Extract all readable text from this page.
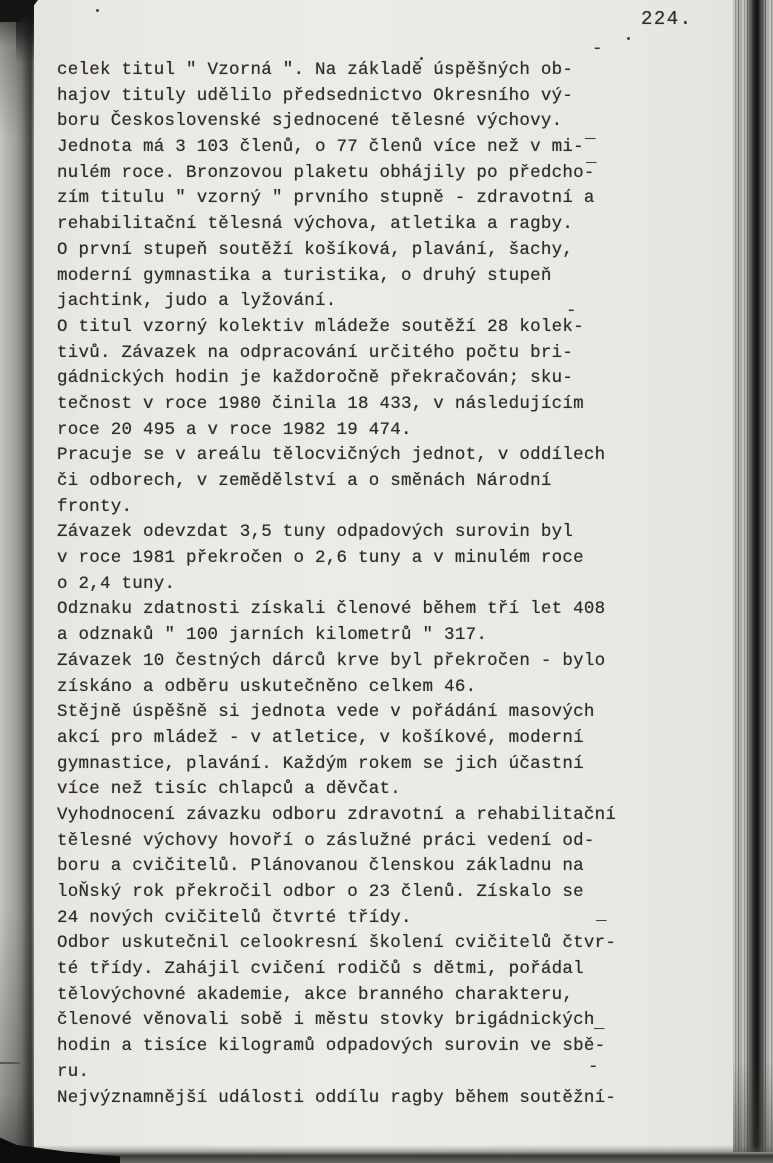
224.
celek titul " Vzorná ". Na základě úspěšných ob-
hajov tituly udělilo předsednictvo Okresního vý-
boru Československé sjednocené tělesné výchovy.
Jednota má 3 103 členů, o 77 členů více než v mi-
nulém roce. Bronzovou plaketu obhájily po předcho-
zím titulu " vzorný " prvního stupně - zdravotní a
rehabilitační tělesná výchova, atletika a ragby.
O první stupeň soutěží košíková, plavání, šachy,
moderní gymnastika a turistika, o druhý stupeň
jachtink, judo a lyžování.
O titul vzorný kolektiv mládeže soutěží 28 kolek-
tivů. Závazek na odpracování určitého počtu bri-
gádnických hodin je každoročně překračován; sku-
tečnost v roce 1980 činila 18 433, v následujícím
roce 20 495 a v roce 1982 19 474.
Pracuje se v areálu tělocvičných jednot, v oddílech
či odborech, v zemědělství a o směnách Národní
fronty.
Závazek odevzdat 3,5 tuny odpadových surovin byl
v roce 1981 překročen o 2,6 tuny a v minulém roce
o 2,4 tuny.
Odznaku zdatnosti získali členové během tří let 408
a odznaků " 100 jarních kilometrů " 317.
Závazek 10 čestných dárců krve byl překročen - bylo
získáno a odběru uskutečněno celkem 46.
Stějně úspěšně si jednota vede v pořádání masových
akcí pro mládež - v atletice, v košíkové, moderní
gymnastice, plavání. Každým rokem se jich účastní
více než tisíc chlapců a děvčat.
Vyhodnocení závazku odboru zdravotní a rehabilitační
tělesné výchovy hovoří o záslužné práci vedení od-
boru a cvičitelů. Plánovanou členskou základnu na
loŇský rok překročil odbor o 23 členů. Získalo se
24 nových cvičitelů čtvrté třídy.
Odbor uskutečnil celookresní školení cvičitelů čtvr-
té třídy. Zahájil cvičení rodičů s dětmi, pořádal
tělovýchovné akademie, akce branného charakteru,
členové věnovali sobě i městu stovky brigádnických
hodin a tisíce kilogramů odpadových surovin ve sbě-
ru.
Nejvýznamnější události oddílu ragby během soutěžní-
-
_
_
-
_
_
-
